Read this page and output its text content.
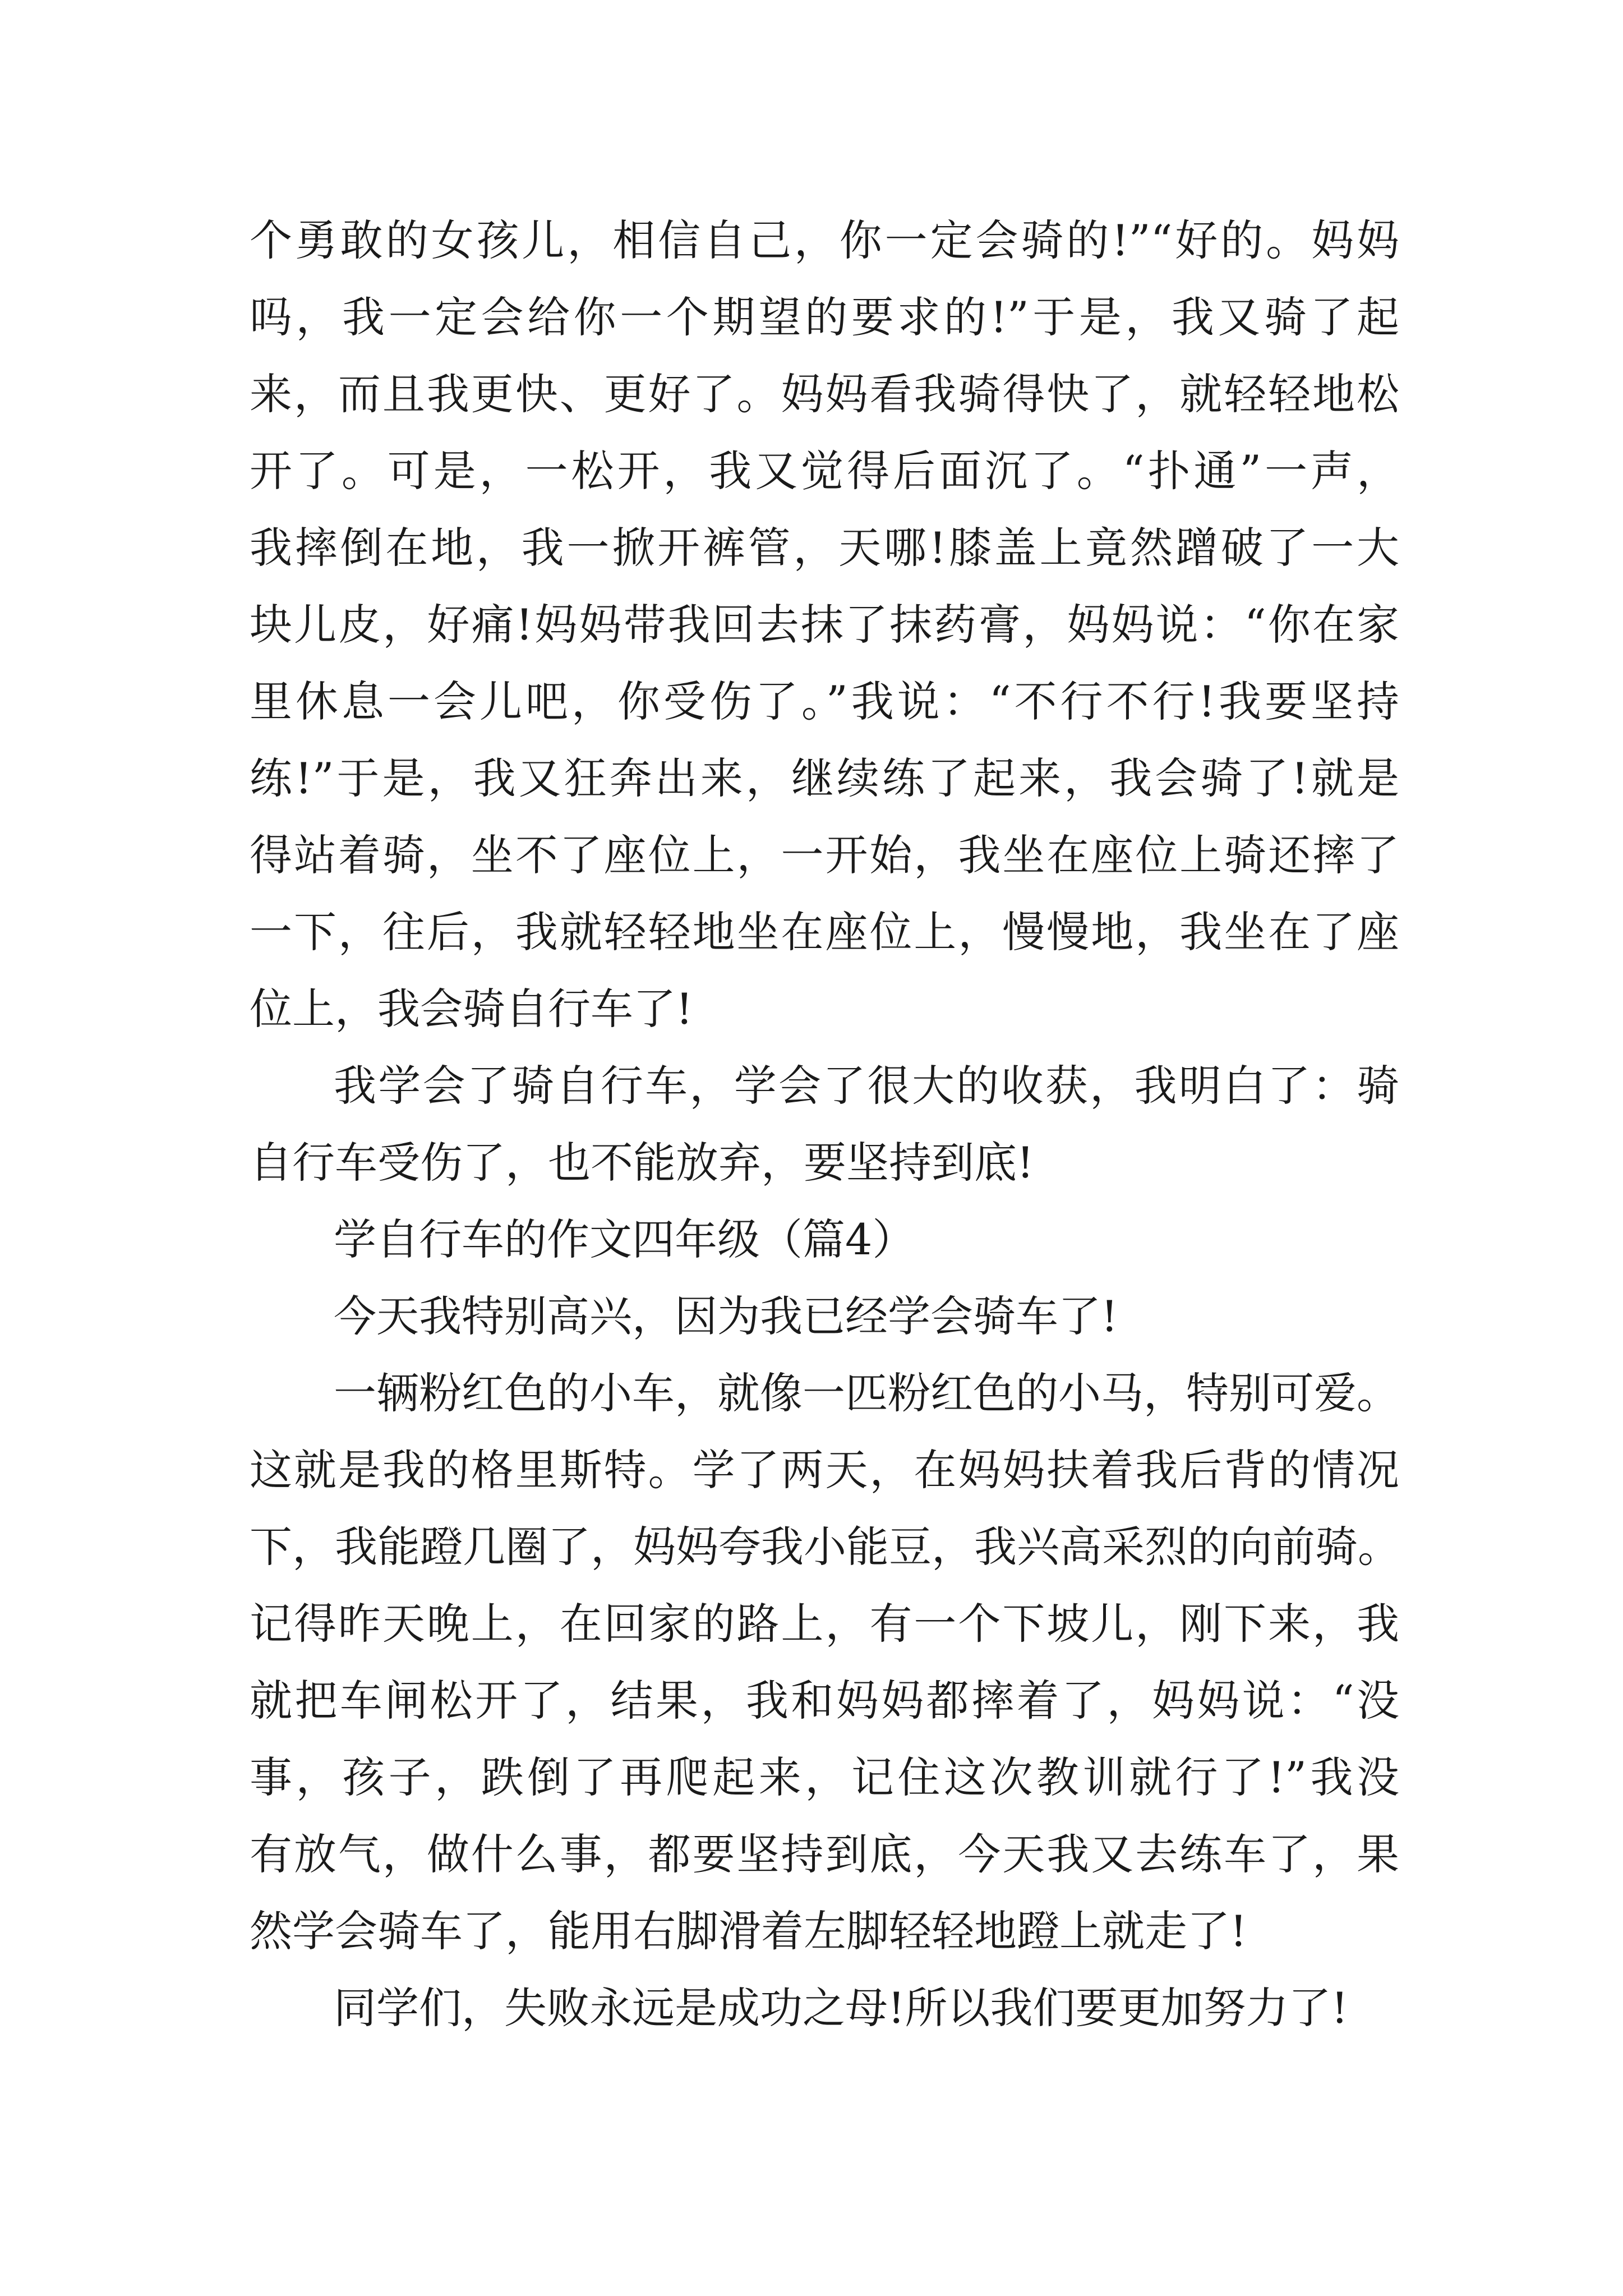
个勇敢的女孩儿，相信自己，你一定会骑的!”“好的。妈妈
吗，我一定会给你一个期望的要求的!”于是，我又骑了起
来，而且我更快、更好了。妈妈看我骑得快了，就轻轻地松
开了。可是，一松开，我又觉得后面沉了。“扑通”一声，
我摔倒在地，我一掀开裤管，天哪!膝盖上竟然蹭破了一大
块儿皮，好痛!妈妈带我回去抹了抹药膏，妈妈说：“你在家
里休息一会儿吧，你受伤了。”我说：“不行不行!我要坚持
练!”于是，我又狂奔出来，继续练了起来，我会骑了!就是
得站着骑，坐不了座位上，一开始，我坐在座位上骑还摔了
一下，往后，我就轻轻地坐在座位上，慢慢地，我坐在了座
位上，我会骑自行车了!
我学会了骑自行车，学会了很大的收获，我明白了：骑
自行车受伤了，也不能放弃，要坚持到底!
学自行车的作文四年级（篇4）
今天我特别高兴，因为我已经学会骑车了!
一辆粉红色的小车，就像一匹粉红色的小马，特别可爱。
这就是我的格里斯特。学了两天，在妈妈扶着我后背的情况
下，我能蹬几圈了，妈妈夸我小能豆，我兴高采烈的向前骑。
记得昨天晚上，在回家的路上，有一个下坡儿，刚下来，我
就把车闸松开了，结果，我和妈妈都摔着了，妈妈说：“没
事，孩子，跌倒了再爬起来，记住这次教训就行了!”我没
有放气，做什么事，都要坚持到底，今天我又去练车了，果
然学会骑车了，能用右脚滑着左脚轻轻地蹬上就走了!
同学们，失败永远是成功之母!所以我们要更加努力了!
